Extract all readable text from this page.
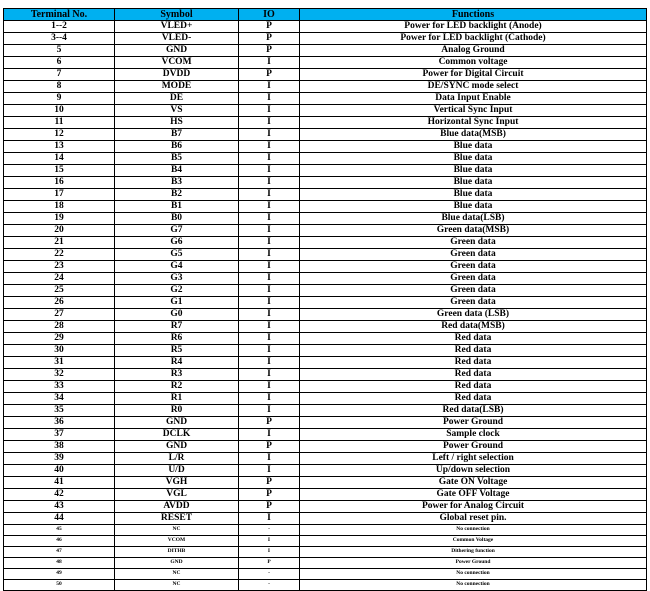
Terminal No.	Symbol	IO	Functions
1--2	VLED+	P	Power for LED backlight (Anode)
3--4	VLED-	P	Power for LED backlight (Cathode)
5	GND	P	Analog Ground
6	VCOM	I	Common voltage
7	DVDD	P	Power for Digital Circuit
8	MODE	I	DE/SYNC mode select
9	DE	I	Data Input Enable
10	VS	I	Vertical Sync Input
11	HS	I	Horizontal Sync Input
12	B7	I	Blue data(MSB)
13	B6	I	Blue data
14	B5	I	Blue data
15	B4	I	Blue data
16	B3	I	Blue data
17	B2	I	Blue data
18	B1	I	Blue data
19	B0	I	Blue data(LSB)
20	G7	I	Green data(MSB)
21	G6	I	Green data
22	G5	I	Green data
23	G4	I	Green data
24	G3	I	Green data
25	G2	I	Green data
26	G1	I	Green data
27	G0	I	Green data (LSB)
28	R7	I	Red data(MSB)
29	R6	I	Red data
30	R5	I	Red data
31	R4	I	Red data
32	R3	I	Red data
33	R2	I	Red data
34	R1	I	Red data
35	R0	I	Red data(LSB)
36	GND	P	Power Ground
37	DCLK	I	Sample clock
38	GND	P	Power Ground
39	L/R	I	Left / right selection
40	U/D	I	Up/down selection
41	VGH	P	Gate ON Voltage
42	VGL	P	Gate OFF Voltage
43	AVDD	P	Power for Analog Circuit
44	RESET	I	Global reset pin.
45	NC	-	No connection
46	VCOM	I	Common Voltage
47	DITHB	I	Dithering function
48	GND	P	Power Ground
49	NC	-	No connection
50	NC	-	No connection
